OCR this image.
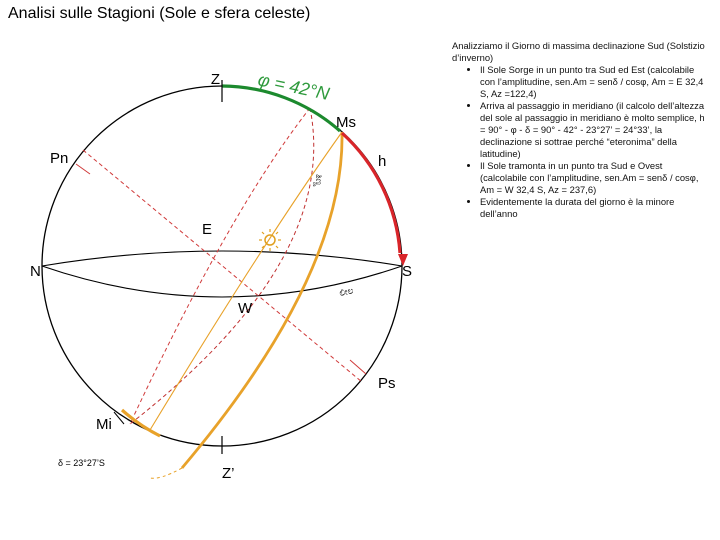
Analisi sulle Stagioni (Sole e sfera celeste)
Z
Z’
N	S
E
W
Pn
Ps
h
Ms
Mi
φ = 42°N
δ = 23°27’S
ತಿಣ್ಣ
ಲೀಲ
Analizziamo il Giorno di massima declinazione Sud (Solstizio d’inverno)
• Il Sole Sorge in un punto tra Sud ed Est (calcolabile con l’amplitudine, sen.Am = senδ / cosφ, Am = E 32,4 S, Az =122,4)
• Arriva al passaggio in meridiano (il calcolo dell’altezza del sole al passaggio in meridiano è molto semplice, h = 90° - φ - δ = 90° - 42° - 23°27’ = 24°33’, la declinazione si sottrae perché “eteronima” della latitudine)
• Il Sole tramonta in un punto tra Sud e Ovest (calcolabile con l’amplitudine, sen.Am = senδ / cosφ, Am = W 32,4 S, Az = 237,6)
• Evidentemente la durata del giorno è la minore dell’anno
